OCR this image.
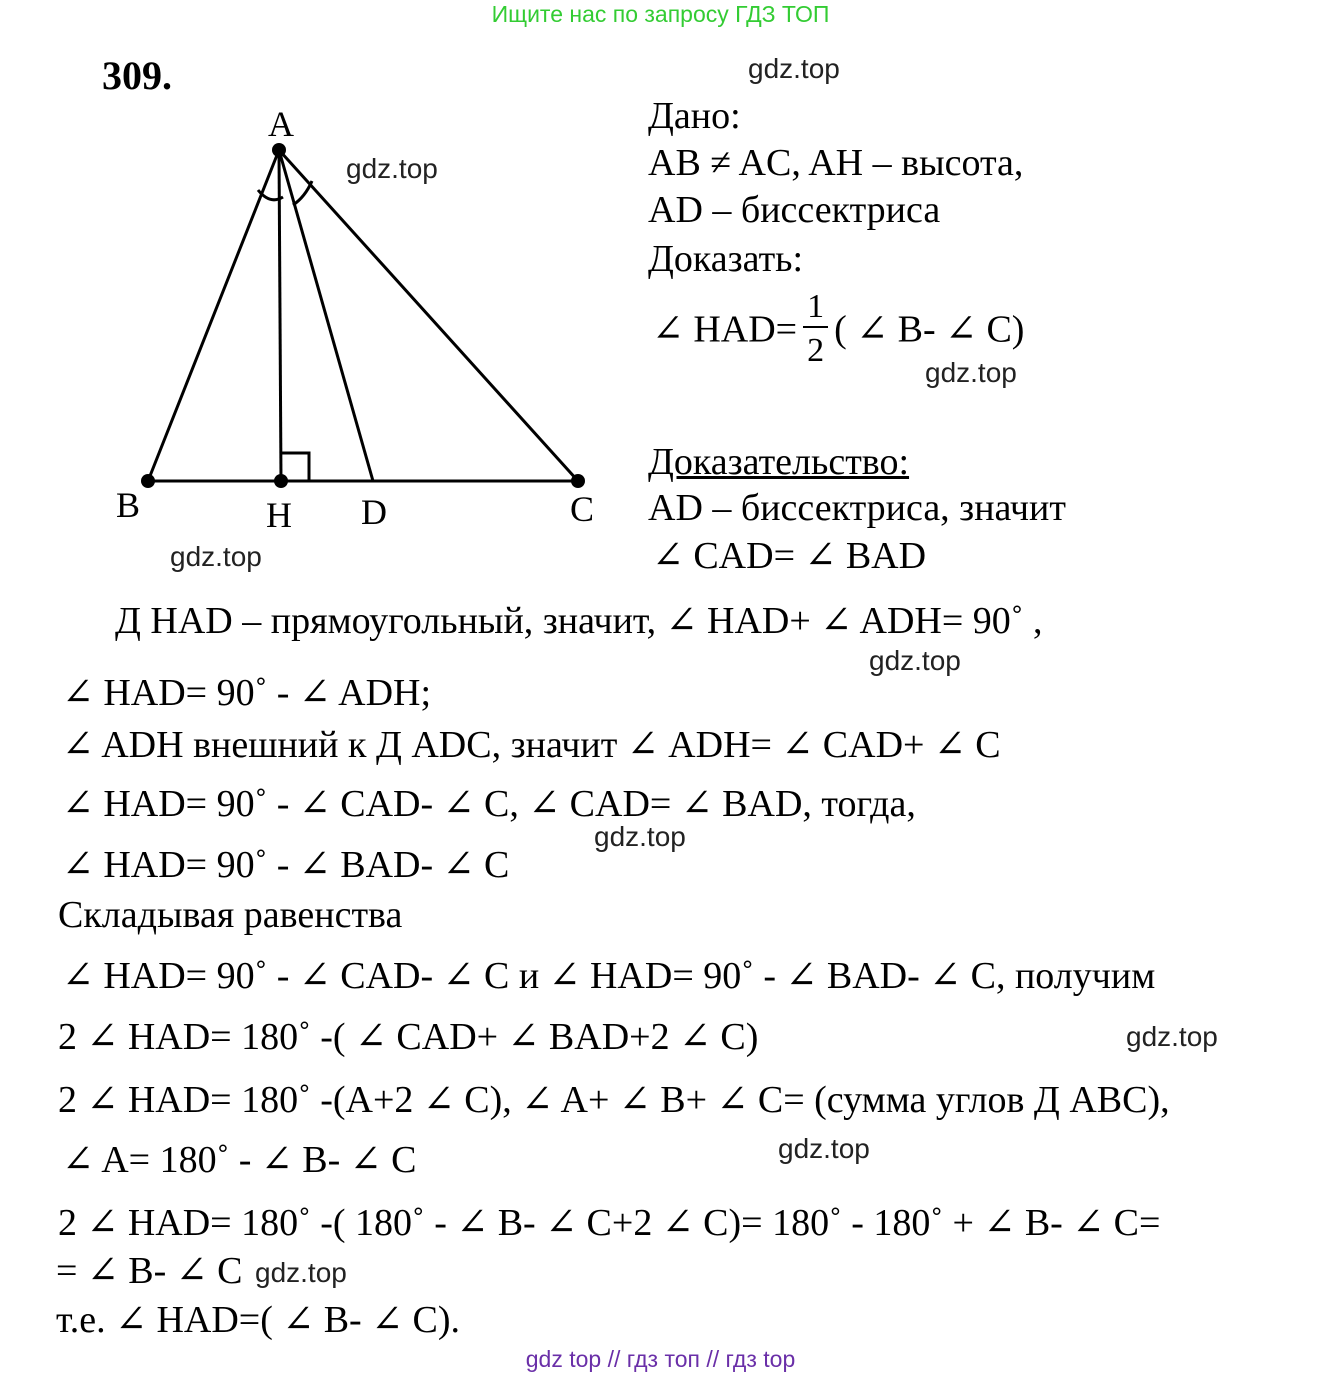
Ищите нас по запросу ГДЗ ТОП
309.
A
B	H D	C
Дано:
AB ≠ AC, AH – высота,
AD – биссектриса
Доказать:
∠ $HAD= \frac{1}{2}$ ( ∠ B- ∠ C)
Доказательство:
AD – биссектриса, значит
∠ CAD= ∠ BAD
Д HAD – прямоугольный, значит, ∠ HAD+ ∠ ADH= 90˚ ,
∠ HAD= 90˚ - ∠ ADH;
∠ ADH внешний к Д ADC, значит ∠ ADH= ∠ CAD+ ∠ C
∠ HAD= 90˚ - ∠ CAD- ∠ C, ∠ CAD= ∠ BAD, тогда,
∠ HAD= 90˚ - ∠ BAD- ∠ C
Складывая равенства
∠ HAD= 90˚ - ∠ CAD- ∠ C и ∠ HAD= 90˚ - ∠ BAD- ∠ C, получим
2 ∠ HAD= 180˚ -( ∠ CAD+ ∠ BAD+2 ∠ C)
2 ∠ HAD= 180˚ -(A+2 ∠ C), ∠ A+ ∠ B+ ∠ C= (сумма углов Д ABC),
∠ A= 180˚ - ∠ B- ∠ C
2 ∠ HAD= 180˚ -( 180˚ - ∠ B- ∠ C+2 ∠ C)= 180˚ - 180˚ + ∠ B- ∠ C=
= ∠ B- ∠ C
т.е. ∠ HAD=( ∠ B- ∠ C).
gdz.top
gdz.top
gdz.top
gdz.top
gdz.top
gdz.top
gdz.top
gdz.top
gdz.top
gdz top // гдз топ // гдз top
